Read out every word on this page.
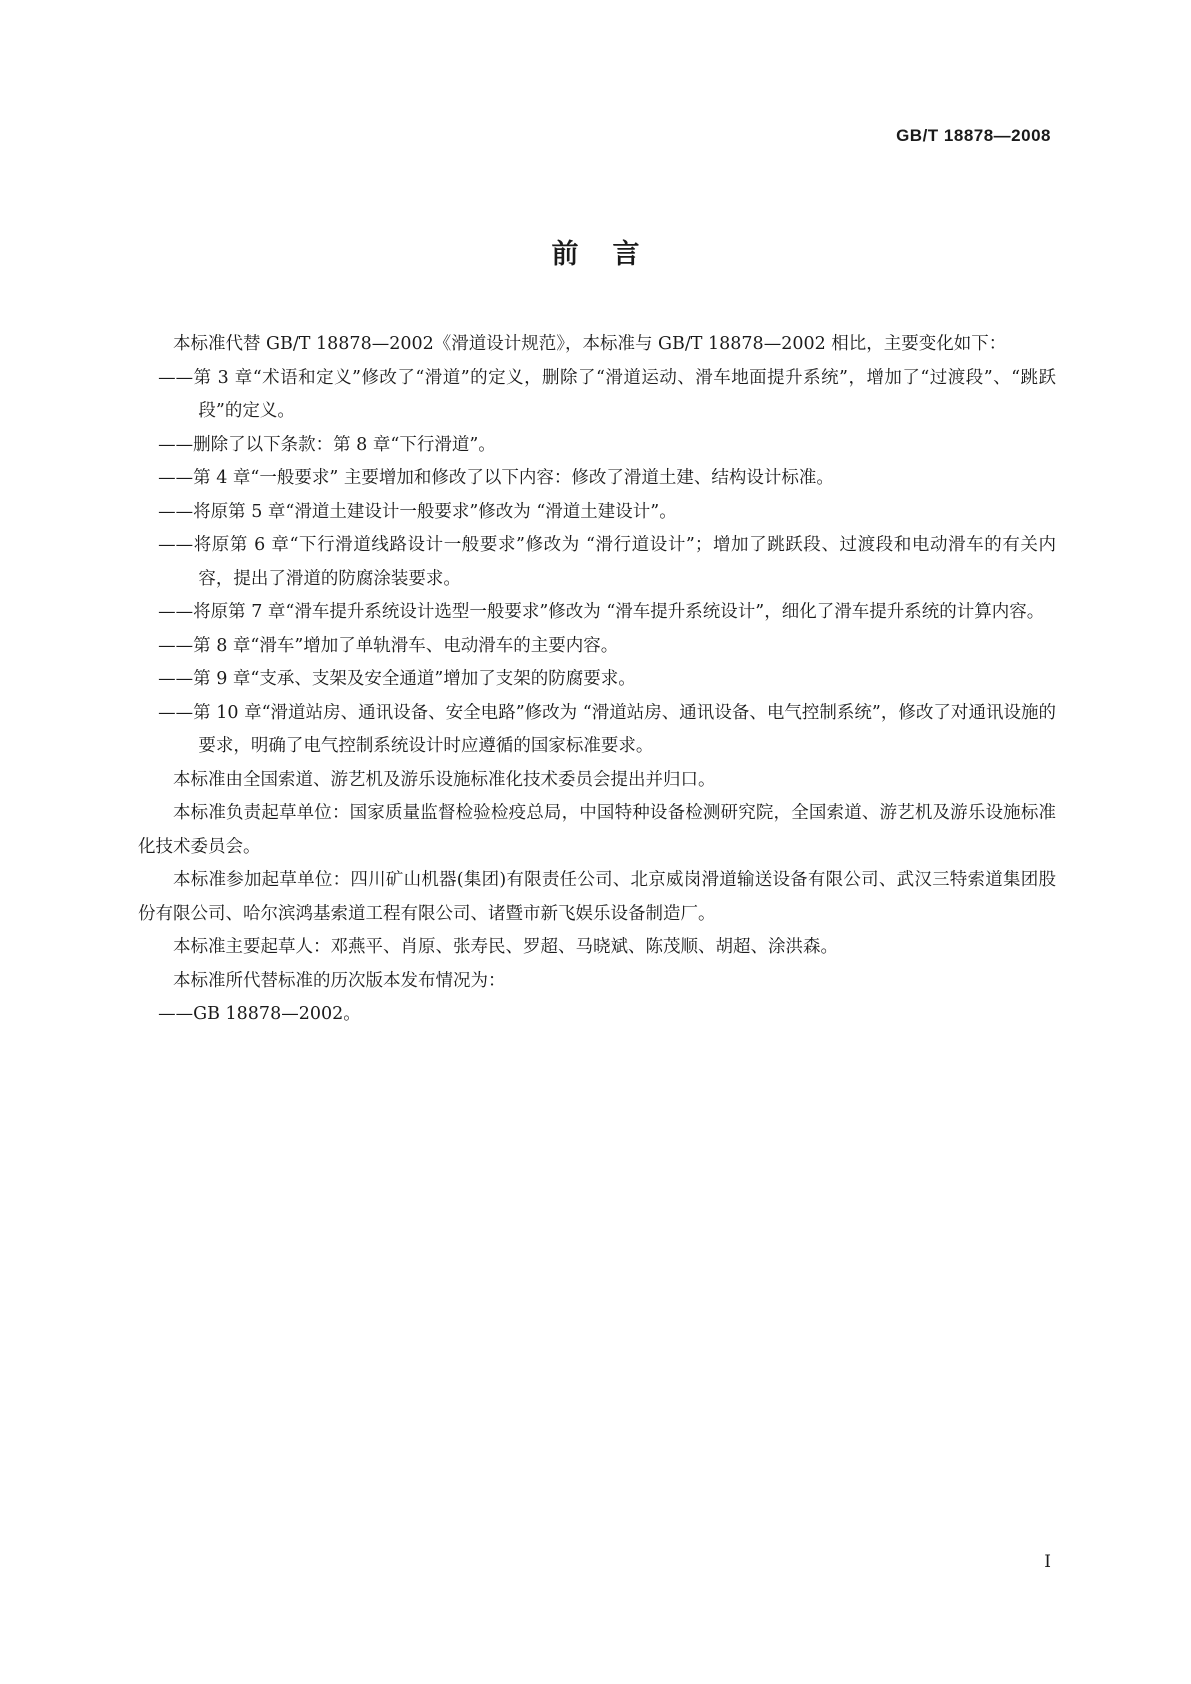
GB/T 18878—2008
前言

本标准代替 GB/T 18878—2002《滑道设计规范》，本标准与 GB/T 18878—2002 相比，主要变化如下：

——第 3 章“术语和定义”修改了“滑道”的定义，删除了“滑道运动、滑车地面提升系统”，增加了“过渡段”、“跳跃段”的定义。

——删除了以下条款：第 8 章“下行滑道”。

——第 4 章“一般要求” 主要增加和修改了以下内容：修改了滑道土建、结构设计标准。

——将原第 5 章“滑道土建设计一般要求”修改为 “滑道土建设计”。

——将原第 6 章“下行滑道线路设计一般要求”修改为 “滑行道设计”；增加了跳跃段、过渡段和电动滑车的有关内容，提出了滑道的防腐涂装要求。

——将原第 7 章“滑车提升系统设计选型一般要求”修改为 “滑车提升系统设计”，细化了滑车提升系统的计算内容。

——第 8 章“滑车”增加了单轨滑车、电动滑车的主要内容。

——第 9 章“支承、支架及安全通道”增加了支架的防腐要求。

——第 10 章“滑道站房、通讯设备、安全电路”修改为 “滑道站房、通讯设备、电气控制系统”，修改了对通讯设施的要求，明确了电气控制系统设计时应遵循的国家标准要求。

本标准由全国索道、游艺机及游乐设施标准化技术委员会提出并归口。

本标准负责起草单位：国家质量监督检验检疫总局，中国特种设备检测研究院，全国索道、游艺机及游乐设施标准化技术委员会。

本标准参加起草单位：四川矿山机器(集团)有限责任公司、北京威岗滑道输送设备有限公司、武汉三特索道集团股份有限公司、哈尔滨鸿基索道工程有限公司、诸暨市新飞娱乐设备制造厂。

本标准主要起草人：邓燕平、肖原、张寿民、罗超、马晓斌、陈茂顺、胡超、涂洪森。

本标准所代替标准的历次版本发布情况为：

——GB 18878—2002。

I
